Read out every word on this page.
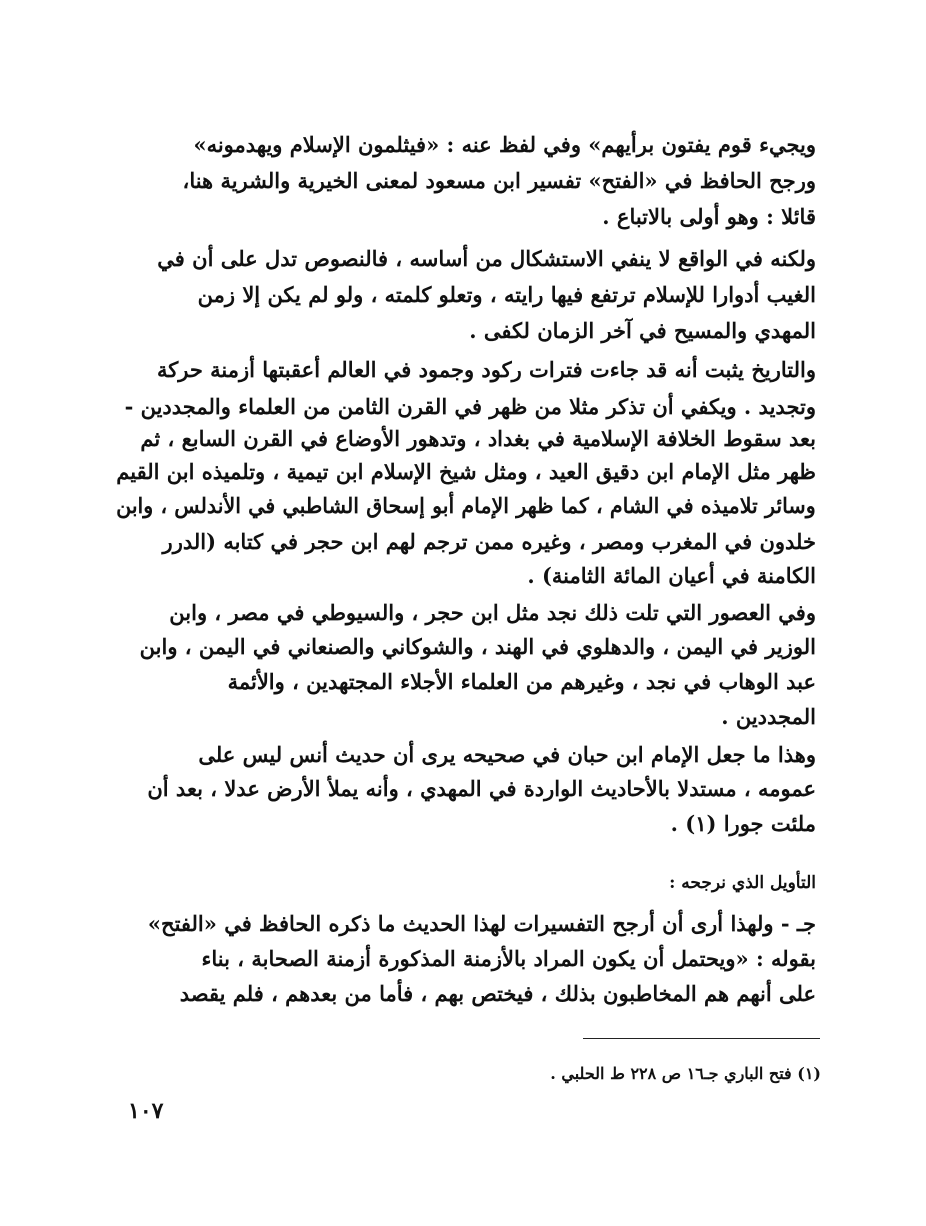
ويجيء قوم يفتون برأيهم» وفي لفظ عنه : «فيثلمون الإسلام ويهدمونه»
ورجح الحافظ في «الفتح» تفسير ابن مسعود لمعنى الخيرية والشرية هنا،
قائلا : وهو أولى بالاتباع .
ولكنه في الواقع لا ينفي الاستشكال من أساسه ، فالنصوص تدل على أن في
الغيب أدوارا للإسلام ترتفع فيها رايته ، وتعلو كلمته ، ولو لم يكن إلا زمن
المهدي والمسيح في آخر الزمان لكفى .
والتاريخ يثبت أنه قد جاءت فترات ركود وجمود في العالم أعقبتها أزمنة حركة
وتجديد . ويكفي أن تذكر مثلا من ظهر في القرن الثامن من العلماء والمجددين -
بعد سقوط الخلافة الإسلامية في بغداد ، وتدهور الأوضاع في القرن السابع ، ثم
ظهر مثل الإمام ابن دقيق العيد ، ومثل شيخ الإسلام ابن تيمية ، وتلميذه ابن القيم
وسائر تلاميذه في الشام ، كما ظهر الإمام أبو إسحاق الشاطبي في الأندلس ، وابن
خلدون في المغرب ومصر ، وغيره ممن ترجم لهم ابن حجر في كتابه (الدرر
الكامنة في أعيان المائة الثامنة) .
وفي العصور التي تلت ذلك نجد مثل ابن حجر ، والسيوطي في مصر ، وابن
الوزير في اليمن ، والدهلوي في الهند ، والشوكاني والصنعاني في اليمن ، وابن
عبد الوهاب في نجد ، وغيرهم من العلماء الأجلاء المجتهدين ، والأئمة
المجددين .
وهذا ما جعل الإمام ابن حبان في صحيحه يرى أن حديث أنس ليس على
عمومه ، مستدلا بالأحاديث الواردة في المهدي ، وأنه يملأ الأرض عدلا ، بعد أن
ملئت جورا (١) .
التأويل الذي نرجحه :
جـ - ولهذا أرى أن أرجح التفسيرات لهذا الحديث ما ذكره الحافظ في «الفتح»
بقوله : «ويحتمل أن يكون المراد بالأزمنة المذكورة أزمنة الصحابة ، بناء
على أنهم هم المخاطبون بذلك ، فيختص بهم ، فأما من بعدهم ، فلم يقصد
(١) فتح الباري جـ١٦ ص ٢٢٨ ط الحلبي .
١٠٧
